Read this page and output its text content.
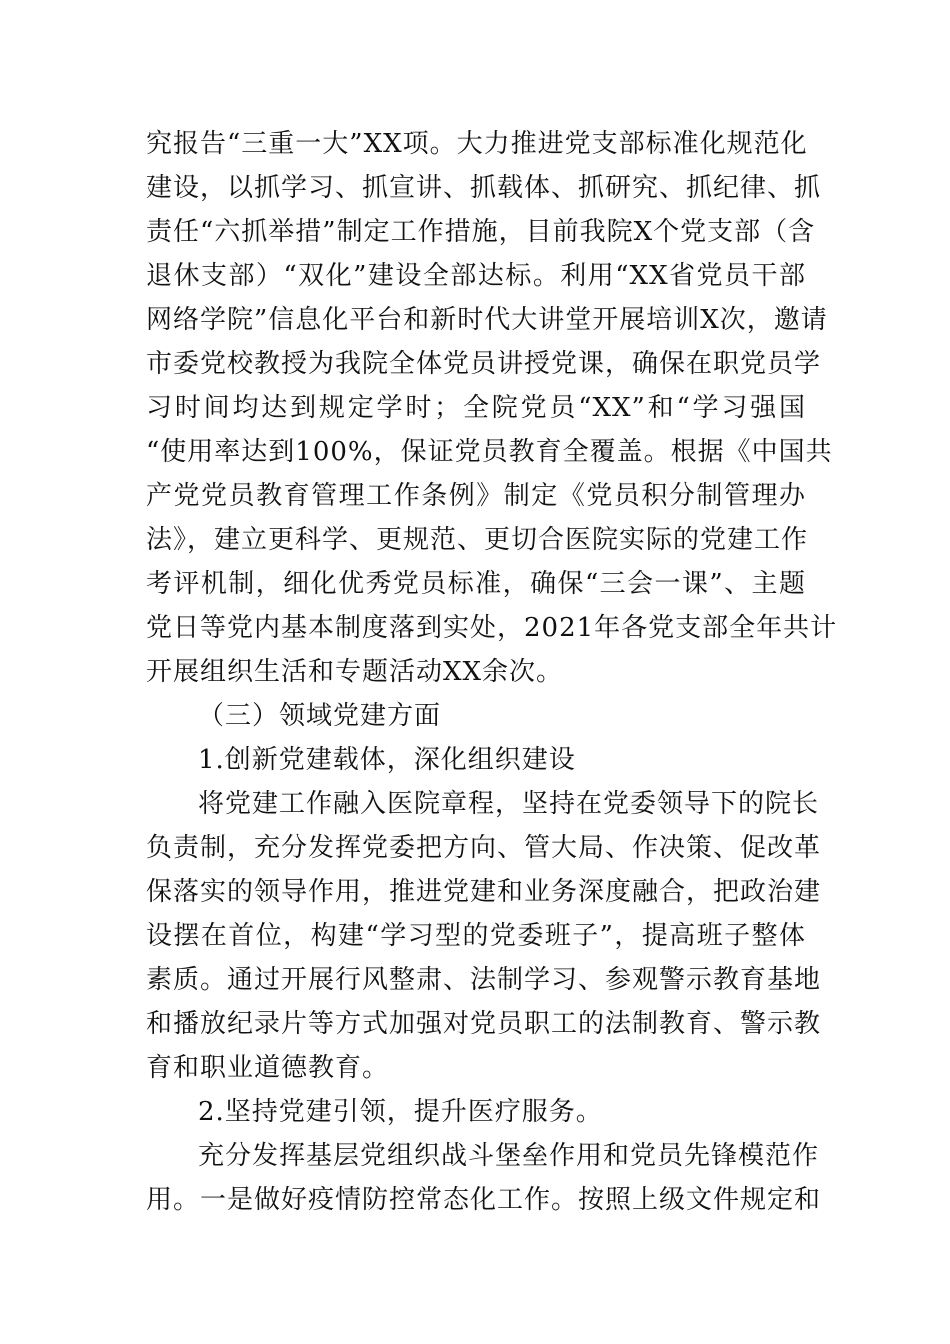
究报告“三重一大”XX项。大力推进党支部标准化规范化
建设，以抓学习、抓宣讲、抓载体、抓研究、抓纪律、抓
责任“六抓举措”制定工作措施，目前我院X个党支部（含
退休支部）“双化”建设全部达标。利用“XX省党员干部
网络学院”信息化平台和新时代大讲堂开展培训X次，邀请
市委党校教授为我院全体党员讲授党课，确保在职党员学
习时间均达到规定学时；全院党员“XX”和“学习强国
“使用率达到100%，保证党员教育全覆盖。根据《中国共
产党党员教育管理工作条例》制定《党员积分制管理办
法》，建立更科学、更规范、更切合医院实际的党建工作
考评机制，细化优秀党员标准，确保“三会一课”、主题
党日等党内基本制度落到实处，2021年各党支部全年共计
开展组织生活和专题活动XX余次。
（三）领域党建方面
1.创新党建载体，深化组织建设
将党建工作融入医院章程，坚持在党委领导下的院长
负责制，充分发挥党委把方向、管大局、作决策、促改革
保落实的领导作用，推进党建和业务深度融合，把政治建
设摆在首位，构建“学习型的党委班子”，提高班子整体
素质。通过开展行风整肃、法制学习、参观警示教育基地
和播放纪录片等方式加强对党员职工的法制教育、警示教
育和职业道德教育。
2.坚持党建引领，提升医疗服务。
充分发挥基层党组织战斗堡垒作用和党员先锋模范作
用。一是做好疫情防控常态化工作。按照上级文件规定和
